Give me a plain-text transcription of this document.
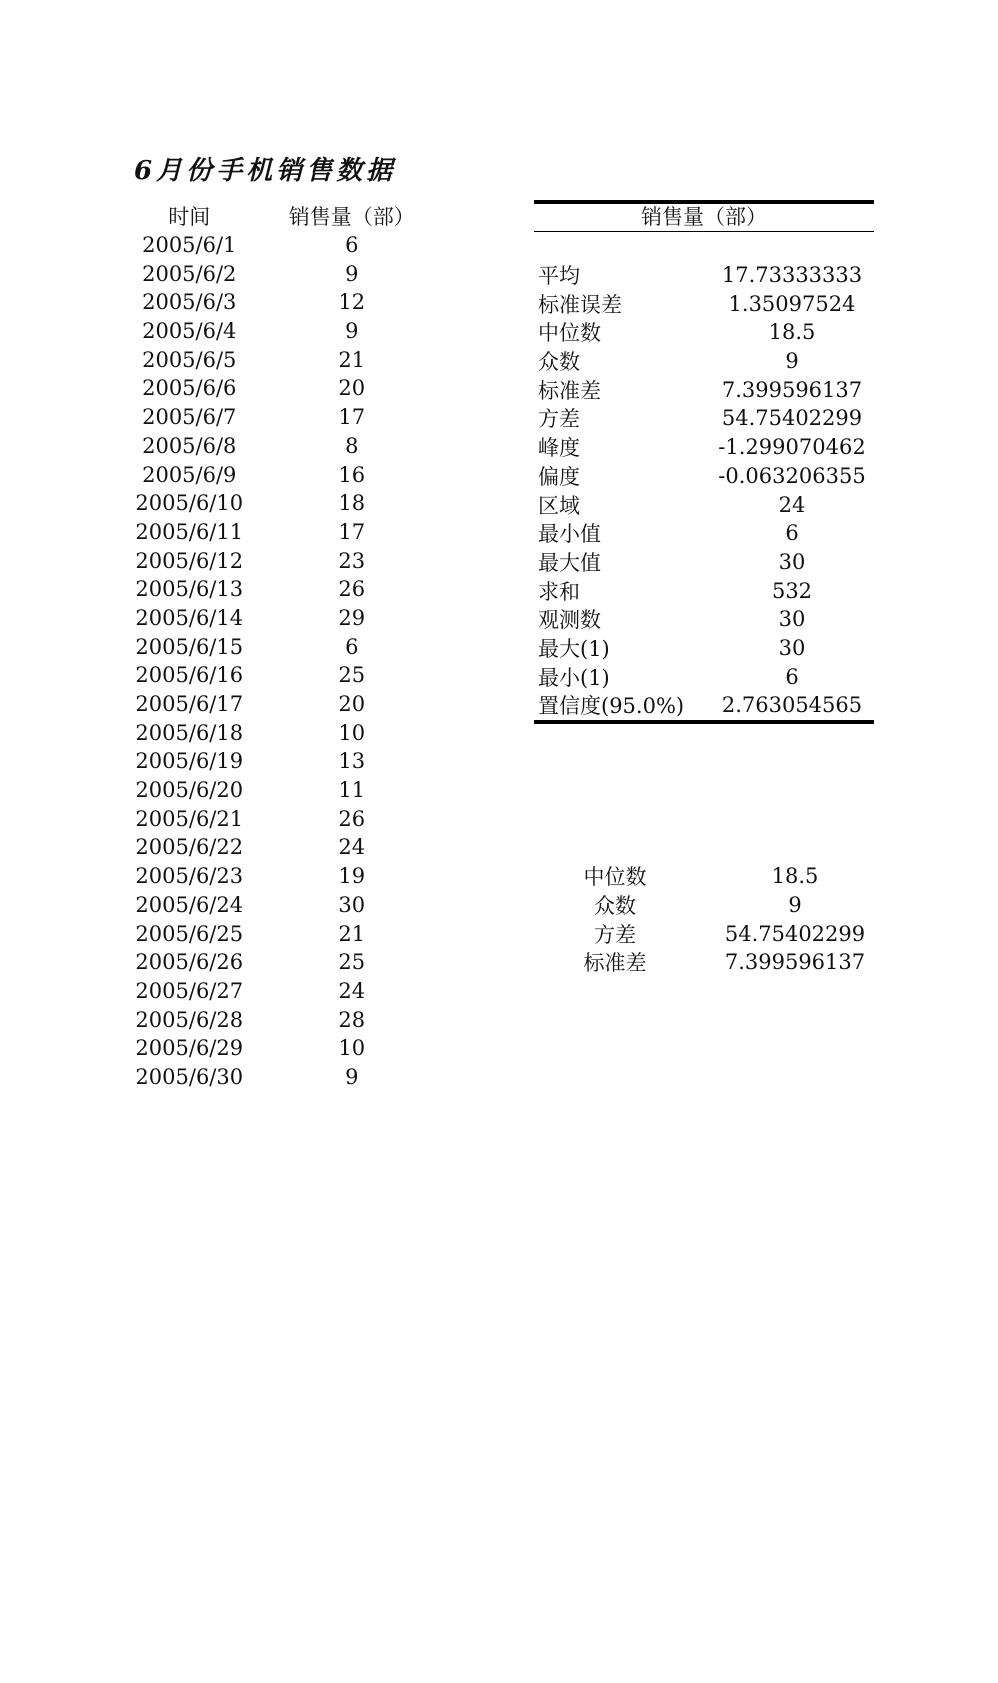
6月份手机销售数据
时间	销售量（部）
2005/6/1	6
2005/6/2	9
2005/6/3	12
2005/6/4	9
2005/6/5	21
2005/6/6	20
2005/6/7	17
2005/6/8	8
2005/6/9	16
2005/6/10	18
2005/6/11	17
2005/6/12	23
2005/6/13	26
2005/6/14	29
2005/6/15	6
2005/6/16	25
2005/6/17	20
2005/6/18	10
2005/6/19	13
2005/6/20	11
2005/6/21	26
2005/6/22	24
2005/6/23	19
2005/6/24	30
2005/6/25	21
2005/6/26	25
2005/6/27	24
2005/6/28	28
2005/6/29	10
2005/6/30	9
销售量（部）
平均	17.73333333
标准误差	1.35097524
中位数	18.5
众数	9
标准差	7.399596137
方差	54.75402299
峰度	-1.299070462
偏度	-0.063206355
区域	24
最小值	6
最大值	30
求和	532
观测数	30
最大(1)	30
最小(1)	6
置信度(95.0%)	2.763054565
中位数	18.5
众数	9
方差	54.75402299
标准差	7.399596137
